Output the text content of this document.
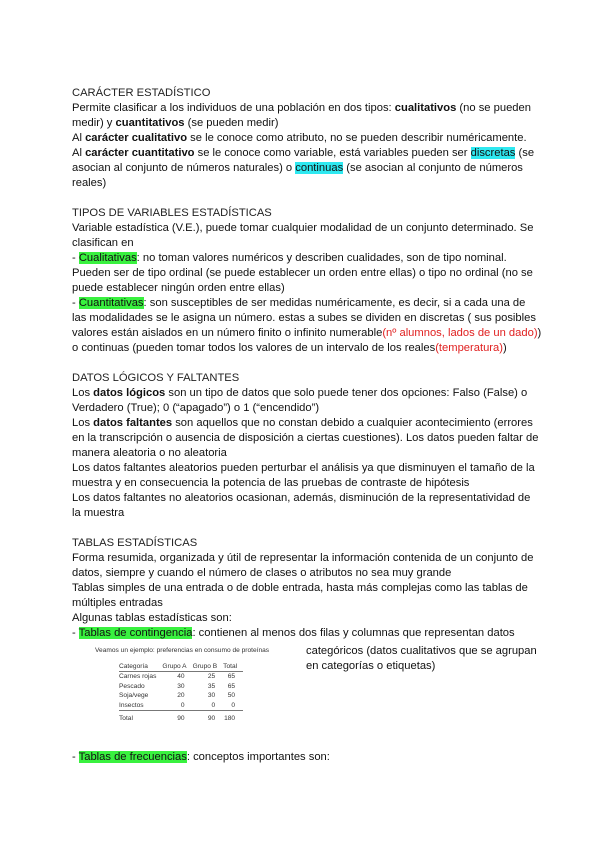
CARÁCTER ESTADÍSTICO

Permite clasificar a los individuos de una población en dos tipos: cualitativos (no se pueden medir) y cuantitativos (se pueden medir)

Al carácter cualitativo se le conoce como atributo, no se pueden describir numéricamente.

Al carácter cuantitativo se le conoce como variable, está variables pueden ser discretas (se asocian al conjunto de números naturales) o continuas (se asocian al conjunto de números reales)

TIPOS DE VARIABLES ESTADÍSTICAS

Variable estadística (V.E.), puede tomar cualquier modalidad de un conjunto determinado. Se clasifican en

- Cualitativas: no toman valores numéricos y describen cualidades, son de tipo nominal. Pueden ser de tipo ordinal (se puede establecer un orden entre ellas) o tipo no ordinal (no se puede establecer ningún orden entre ellas)

- Cuantitativas: son susceptibles de ser medidas numéricamente, es decir, si a cada una de las modalidades se le asigna un número. estas a subes se dividen en discretas ( sus posibles valores están aislados en un número finito o infinito numerable(nº alumnos, lados de un dado)) o continuas (pueden tomar todos los valores de un intervalo de los reales(temperatura))

DATOS LÓGICOS Y FALTANTES

Los datos lógicos son un tipo de datos que solo puede tener dos opciones: Falso (False) o Verdadero (True); 0 (“apagado”) o 1 (“encendido”)

Los datos faltantes son aquellos que no constan debido a cualquier acontecimiento (errores en la transcripción o ausencia de disposición a ciertas cuestiones). Los datos pueden faltar de manera aleatoria o no aleatoria

Los datos faltantes aleatorios pueden perturbar el análisis ya que disminuyen el tamaño de la muestra y en consecuencia la potencia de las pruebas de contraste de hipótesis

Los datos faltantes no aleatorios ocasionan, además, disminución de la representatividad de la muestra

TABLAS ESTADÍSTICAS

Forma resumida, organizada y útil de representar la información contenida de un conjunto de datos, siempre y cuando el número de clases o atributos no sea muy grande

Tablas simples de una entrada o de doble entrada, hasta más complejas como las tablas de múltiples entradas

Algunas tablas estadísticas son:

- Tablas de contingencia: contienen al menos dos filas y columnas que representan datos

Veamos un ejemplo: preferencias en consumo de proteínas
Categoría	Grupo A	Grupo B	Total
Carnes rojas	40	25	65
Pescado	30	35	65
Soja/vege	20	30	50
Insectos	0	0	0
Total	90	90	180

categóricos (datos cualitativos que se agrupan en categorías o etiquetas)

- Tablas de frecuencias: conceptos importantes son:
